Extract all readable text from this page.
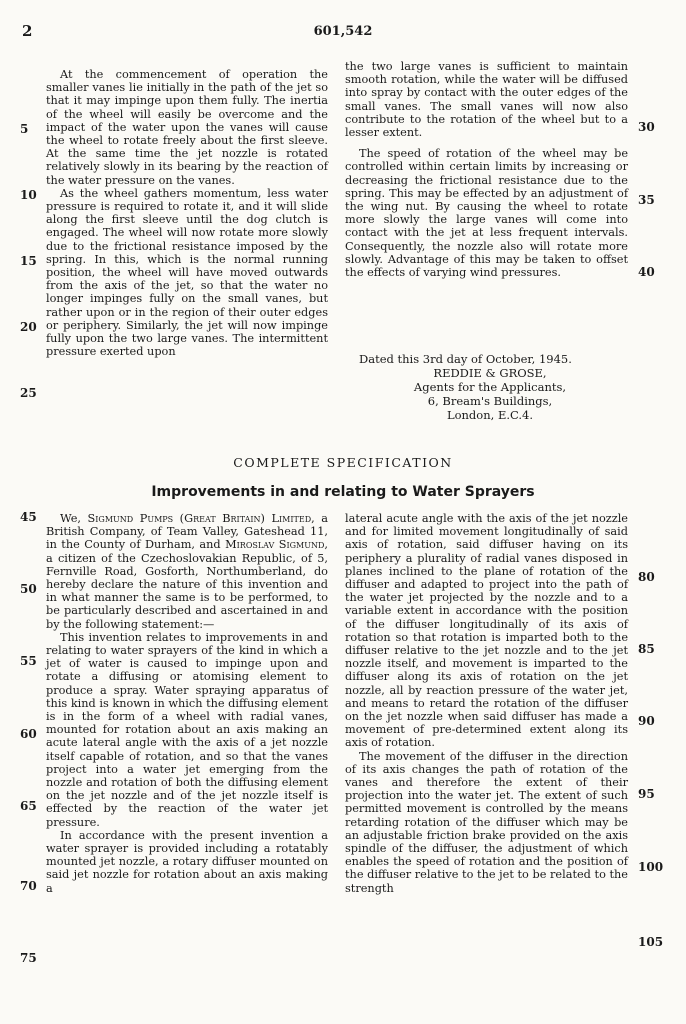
2	601,542

At the commencement of operation the smaller vanes lie initially in the path of the jet so that it may impinge upon them fully. The inertia of the wheel will easily be overcome and the impact of the water upon the vanes will cause the wheel to rotate freely about the first sleeve. At the same time the jet nozzle is rotated relatively slowly in its bearing by the reaction of the water pressure on the vanes.

As the wheel gathers momentum, less water pressure is required to rotate it, and it will slide along the first sleeve until the dog clutch is engaged. The wheel will now rotate more slowly due to the frictional resistance imposed by the spring. In this, which is the normal running position, the wheel will have moved outwards from the axis of the jet, so that the water no longer impinges fully on the small vanes, but rather upon or in the region of their outer edges or periphery. Similarly, the jet will now impinge fully upon the two large vanes. The intermittent pressure exerted upon

the two large vanes is sufficient to maintain smooth rotation, while the water will be diffused into spray by contact with the outer edges of the small vanes. The small vanes will now also contribute to the rotation of the wheel but to a lesser extent.

The speed of rotation of the wheel may be controlled within certain limits by increasing or decreasing the frictional resistance due to the spring. This may be effected by an adjustment of the wing nut. By causing the wheel to rotate more slowly the large vanes will come into contact with the jet at less frequent intervals. Consequently, the nozzle also will rotate more slowly. Advantage of this may be taken to offset the effects of varying wind pressures.

Dated this 3rd day of October, 1945.
REDDIE & GROSE,
Agents for the Applicants,
6, Bream's Buildings,
London, E.C.4.
5
10
15
20
25
30
35
40
COMPLETE SPECIFICATION
Improvements in and relating to Water Sprayers

We, Sigmund Pumps (Great Britain) Limited, a British Company, of Team Valley, Gateshead 11, in the County of Durham, and Miroslav Sigmund, a citizen of the Czechoslovakian Republic, of 5, Fernville Road, Gosforth, Northumberland, do hereby declare the nature of this invention and in what manner the same is to be performed, to be particularly described and ascertained in and by the following statement:—

This invention relates to improvements in and relating to water sprayers of the kind in which a jet of water is caused to impinge upon and rotate a diffusing or atomising element to produce a spray. Water spraying apparatus of this kind is known in which the diffusing element is in the form of a wheel with radial vanes, mounted for rotation about an axis making an acute lateral angle with the axis of a jet nozzle itself capable of rotation, and so that the vanes project into a water jet emerging from the nozzle and rotation of both the diffusing element on the jet nozzle and of the jet nozzle itself is effected by the reaction of the water jet pressure.

In accordance with the present invention a water sprayer is provided including a rotatably mounted jet nozzle, a rotary diffuser mounted on said jet nozzle for rotation about an axis making a

lateral acute angle with the axis of the jet nozzle and for limited movement longitudinally of said axis of rotation, said diffuser having on its periphery a plurality of radial vanes disposed in planes inclined to the plane of rotation of the diffuser and adapted to project into the path of the water jet projected by the nozzle and to a variable extent in accordance with the position of the diffuser longitudinally of its axis of rotation so that rotation is imparted both to the diffuser relative to the jet nozzle and to the jet nozzle itself, and movement is imparted to the diffuser along its axis of rotation on the jet nozzle, all by reaction pressure of the water jet, and means to retard the rotation of the diffuser on the jet nozzle when said diffuser has made a movement of pre-determined extent along its axis of rotation.

The movement of the diffuser in the direction of its axis changes the path of rotation of the vanes and therefore the extent of their projection into the water jet. The extent of such permitted movement is controlled by the means retarding rotation of the diffuser which may be an adjustable friction brake provided on the axis spindle of the diffuser, the adjustment of which enables the speed of rotation and the position of the diffuser relative to the jet to be related to the strength

45
50
55
60
65
70
75
80
85
90
95
100
105
